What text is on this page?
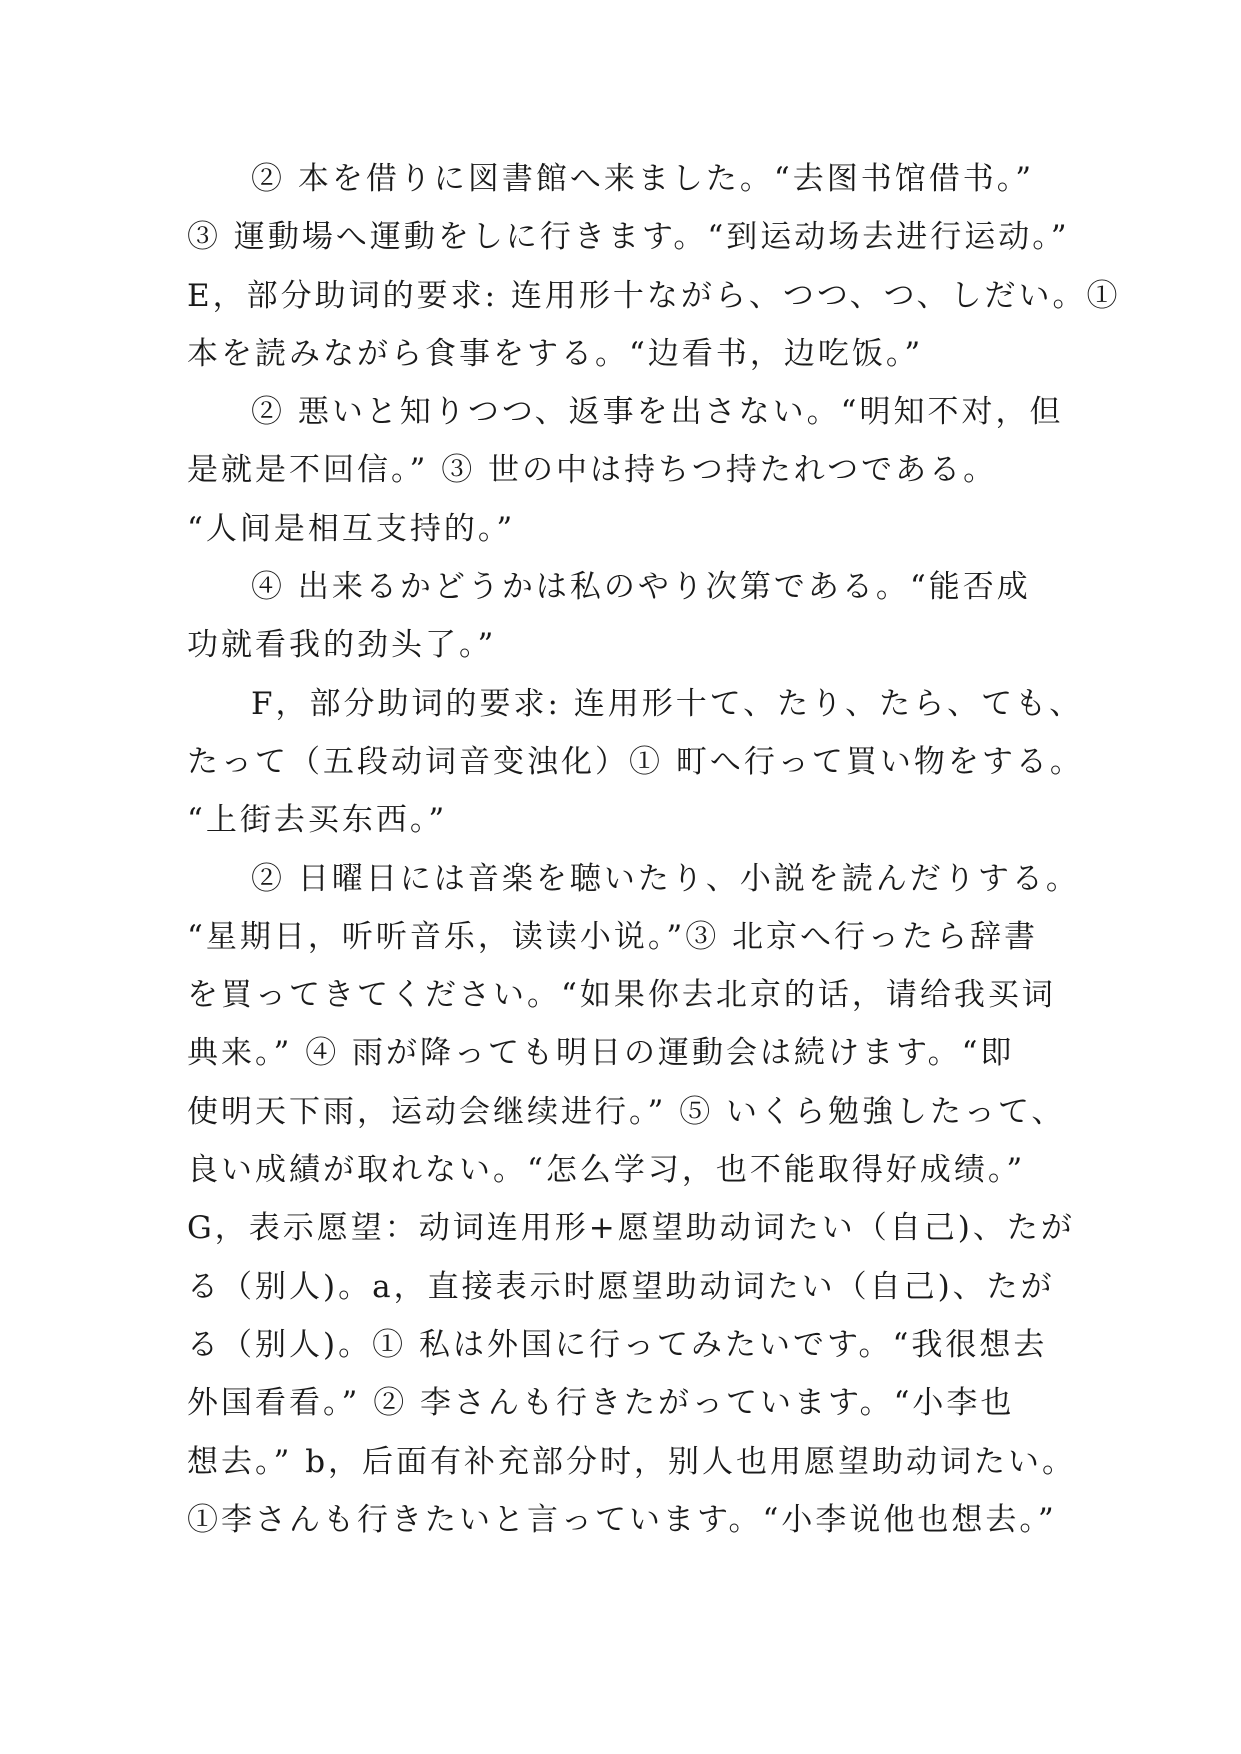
② 本を借りに図書館へ来ました。“去图书馆借书。”
③ 運動場へ運動をしに行きます。“到运动场去进行运动。”
E，部分助词的要求: 连用形十ながら、つつ、つ、しだい。①
本を読みながら食事をする。“边看书，边吃饭。”
② 悪いと知りつつ、返事を出さない。“明知不对，但
是就是不回信。” ③ 世の中は持ちつ持たれつである。
“人间是相互支持的。”
④ 出来るかどうかは私のやり次第である。“能否成
功就看我的劲头了。”
F，部分助词的要求: 连用形十て、たり、たら、ても、
たって（五段动词音变浊化）① 町へ行って買い物をする。
“上街去买东西。”
② 日曜日には音楽を聴いたり、小説を読んだりする。
“星期日，听听音乐，读读小说。”③ 北京へ行ったら辞書
を買ってきてください。“如果你去北京的话，请给我买词
典来。” ④ 雨が降っても明日の運動会は続けます。“即
使明天下雨，运动会继续进行。” ⑤ いくら勉強したって、
良い成績が取れない。“怎么学习，也不能取得好成绩。”
G，表示愿望：动词连用形+愿望助动词たい（自己)、たが
る（别人)。a，直接表示时愿望助动词たい（自己)、たが
る（别人)。① 私は外国に行ってみたいです。“我很想去
外国看看。” ② 李さんも行きたがっています。“小李也
想去。” b，后面有补充部分时，别人也用愿望助动词たい。
①李さんも行きたいと言っています。“小李说他也想去。”
